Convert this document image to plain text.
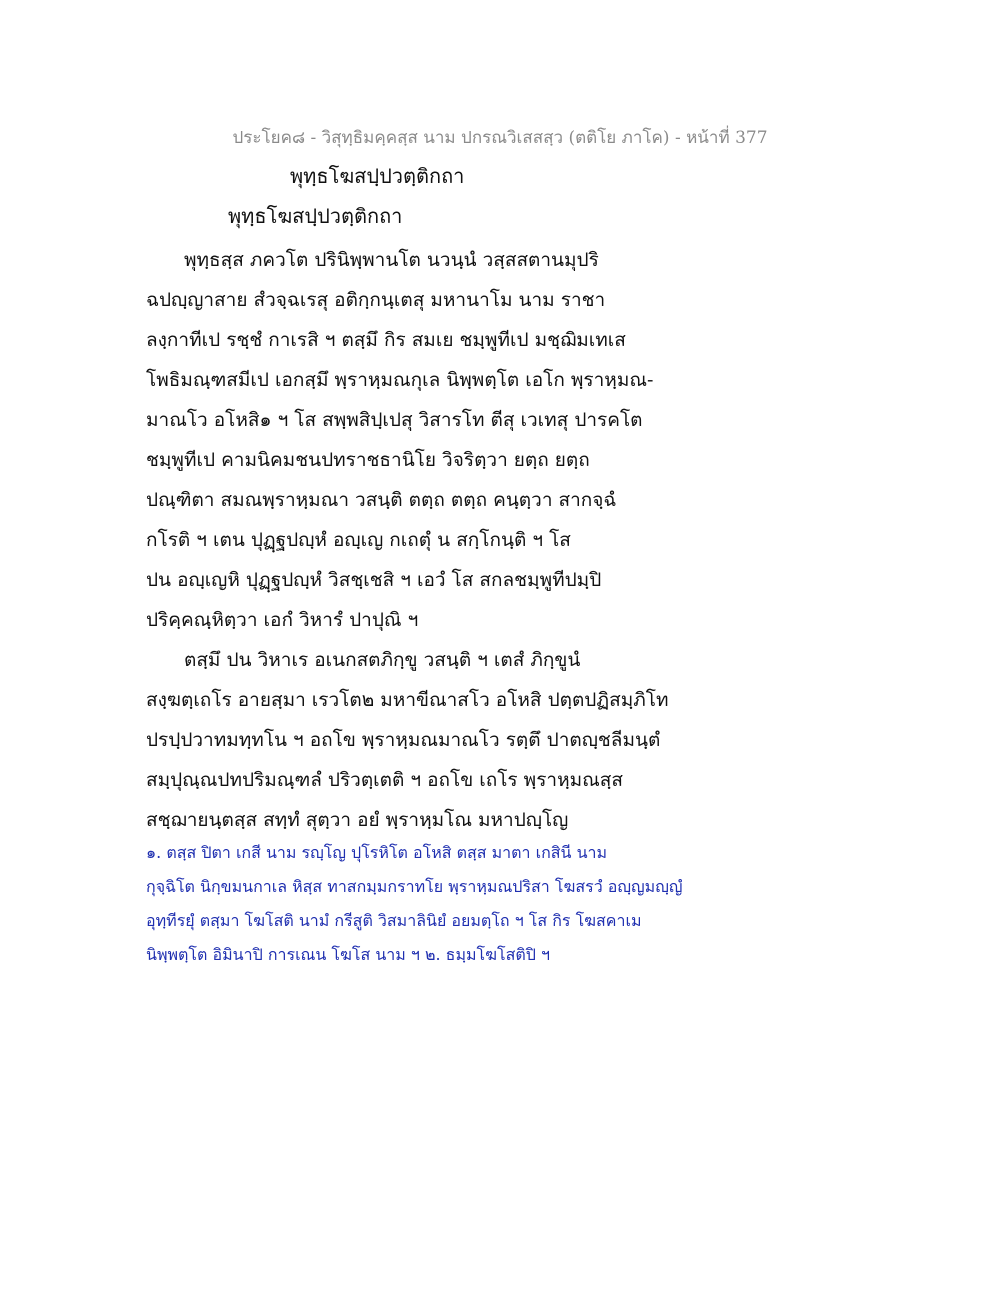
ประโยค๘ - วิสุทฺธิมคฺคสฺส นาม ปกรณวิเสสสฺว (ตติโย ภาโค) - หน้าที่ 377
พุทฺธโฆสปฺปวตฺติกถา
พุทฺธโฆสปฺปวตฺติกถา
พุทฺธสฺส ภควโต ปรินิพฺพานโต นวนฺนํ วสฺสสตานมุปริ
ฉปญฺญาสาย สํวจฺฉเรสุ อติกฺกนฺเตสุ มหานาโม นาม ราชา
ลงฺกาทีเป รชฺชํ กาเรสิ ฯ ตสฺมึ กิร สมเย ชมฺพูทีเป มชฺฌิมเทเส
โพธิมณฺฑสมีเป เอกสฺมึ พฺราหฺมณกุเล นิพฺพตฺโต เอโก พฺราหฺมณ-
มาณโว อโหสิ๑ ฯ โส สพฺพสิปฺเปสุ วิสารโท ตีสุ เวเทสุ ปารคโต
ชมฺพูทีเป คามนิคมชนปทราชธานิโย วิจริตฺวา ยตฺถ ยตฺถ
ปณฺฑิตา สมณพฺราหฺมณา วสนฺติ ตตฺถ ตตฺถ คนฺตฺวา สากจฺฉํ
กโรติ ฯ เตน ปุฏฺฐปญฺหํ อญฺเญ กเถตุํ น สกฺโกนฺติ ฯ โส
ปน อญฺเญหิ ปุฏฺฐปญฺหํ วิสชฺเชสิ ฯ เอวํ โส สกลชมฺพูทีปมฺปิ
ปริคฺคณฺหิตฺวา เอกํ วิหารํ ปาปุณิ ฯ
ตสฺมึ ปน วิหาเร อเนกสตภิกฺขู วสนฺติ ฯ เตสํ ภิกฺขูนํ
สงฺฆตฺเถโร อายสฺมา เรวโต๒ มหาขีณาสโว อโหสิ ปตฺตปฏิสมฺภิโท
ปรปฺปวาทมทฺทโน ฯ อถโข พฺราหฺมณมาณโว รตฺตึ ปาตญฺชลีมนฺตํ
สมฺปุณฺณปทปริมณฺฑลํ ปริวตฺเตติ ฯ อถโข เถโร พฺราหฺมณสฺส
สชฺฌายนฺตสฺส สทฺทํ สุตฺวา อยํ พฺราหฺมโณ มหาปญฺโญ
๑. ตสฺส ปิตา เกสี นาม รญฺโญ ปุโรหิโต อโหสิ ตสฺส มาตา เกสินี นาม
กุจฺฉิโต นิกฺขมนกาเล หิสฺส ทาสกมฺมกราทโย พฺราหฺมณปริสา โฆสรวํ อญฺญมญฺญํ
อุทฺทีรยุํ ตสฺมา โฆโสติ นามํ กรีสูติ วิสมาลินิยํ อยมตฺโถ ฯ โส กิร โฆสคาเม
นิพฺพตฺโต อิมินาปิ การเณน โฆโส นาม ฯ ๒. ธมฺมโฆโสติปิ ฯ
